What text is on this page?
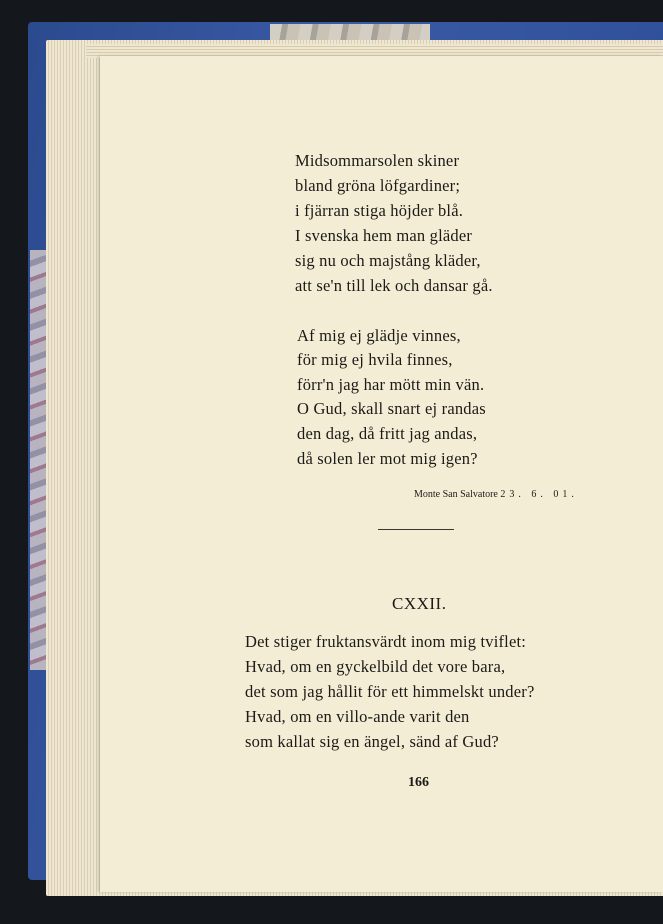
Midsommarsolen skiner
bland gröna löfgardiner;
i fjärran stiga höjder blå.
I svenska hem man gläder
sig nu och majstång kläder,
att se'n till lek och dansar gå.
Af mig ej glädje vinnes,
för mig ej hvila finnes,
förr'n jag har mött min vän.
O Gud, skall snart ej randas
den dag, då fritt jag andas,
då solen ler mot mig igen?
Monte San Salvatore 23. 6. 01.
CXXII.
Det stiger fruktansvärdt inom mig tviflet:
Hvad, om en gyckelbild det vore bara,
det som jag hållit för ett himmelskt under?
Hvad, om en villo-ande varit den
som kallat sig en ängel, sänd af Gud?
166
